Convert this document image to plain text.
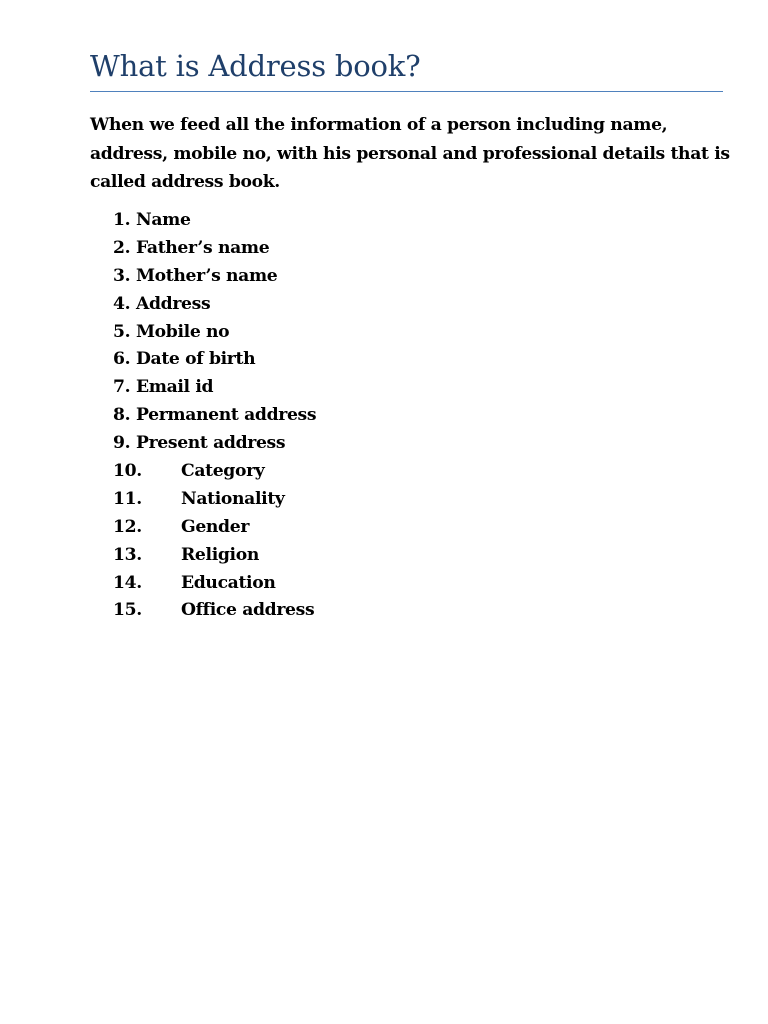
What is Address book?

When we feed all the information of a person including name,
address, mobile no, with his personal and professional details that is
called address book.

1. Name
2. Father’s name
3. Mother’s name
4. Address
5. Mobile no
6. Date of birth
7. Email id
8. Permanent address
9. Present address
10. Category
11. Nationality
12. Gender
13. Religion
14. Education
15. Office address
